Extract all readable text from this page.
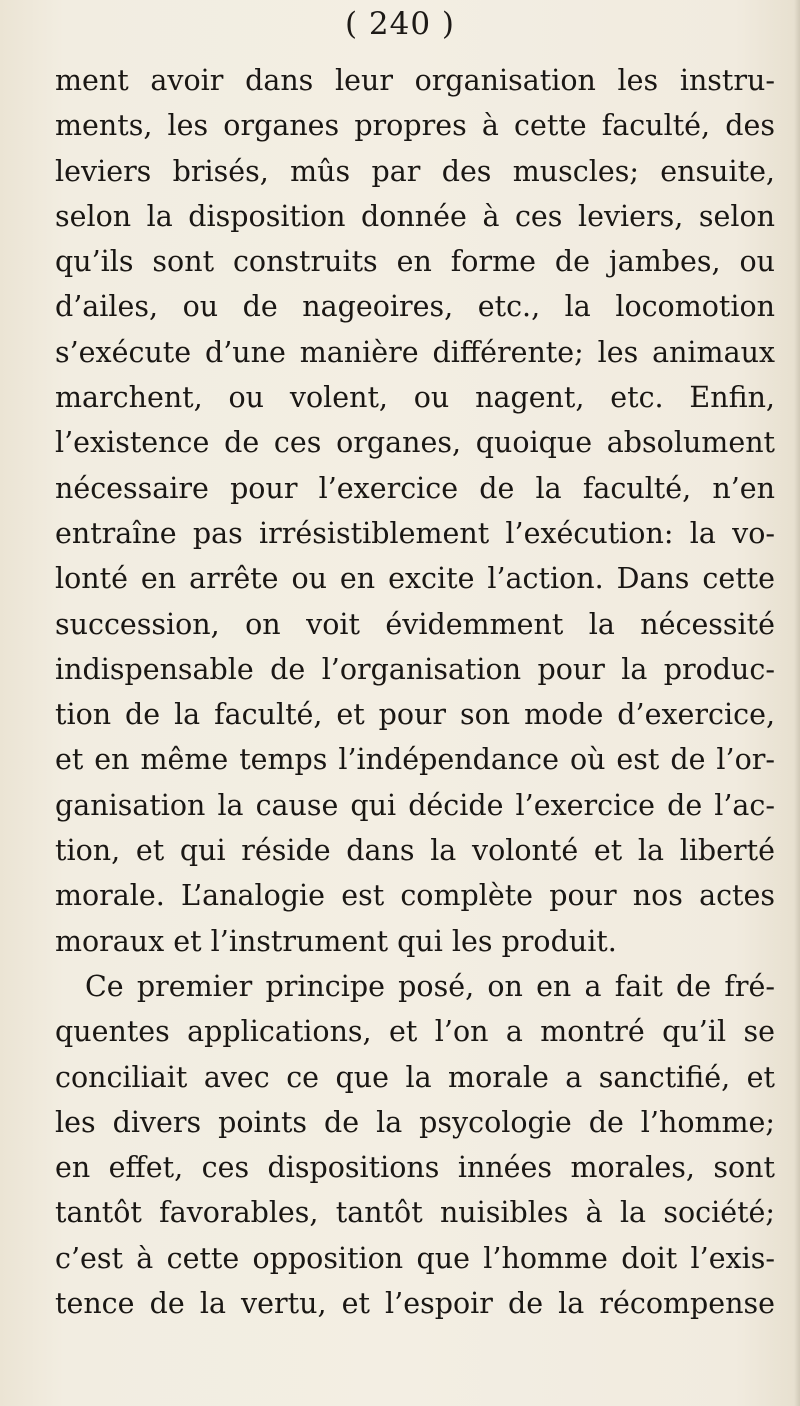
( 240 )
ment avoir dans leur organisation les instru-
ments, les organes propres à cette faculté, des
leviers brisés, mûs par des muscles; ensuite,
selon la disposition donnée à ces leviers, selon
qu’ils sont construits en forme de jambes, ou
d’ailes, ou de nageoires, etc., la locomotion
s’exécute d’une manière différente; les animaux
marchent, ou volent, ou nagent, etc. Enfin,
l’existence de ces organes, quoique absolument
nécessaire pour l’exercice de la faculté, n’en
entraîne pas irrésistiblement l’exécution: la vo-
lonté en arrête ou en excite l’action. Dans cette
succession, on voit évidemment la nécessité
indispensable de l’organisation pour la produc-
tion de la faculté, et pour son mode d’exercice,
et en même temps l’indépendance où est de l’or-
ganisation la cause qui décide l’exercice de l’ac-
tion, et qui réside dans la volonté et la liberté
morale. L’analogie est complète pour nos actes
moraux et l’instrument qui les produit.
Ce premier principe posé, on en a fait de fré-
quentes applications, et l’on a montré qu’il se
conciliait avec ce que la morale a sanctifié, et
les divers points de la psycologie de l’homme;
en effet, ces dispositions innées morales, sont
tantôt favorables, tantôt nuisibles à la société;
c’est à cette opposition que l’homme doit l’exis-
tence de la vertu, et l’espoir de la récompense
